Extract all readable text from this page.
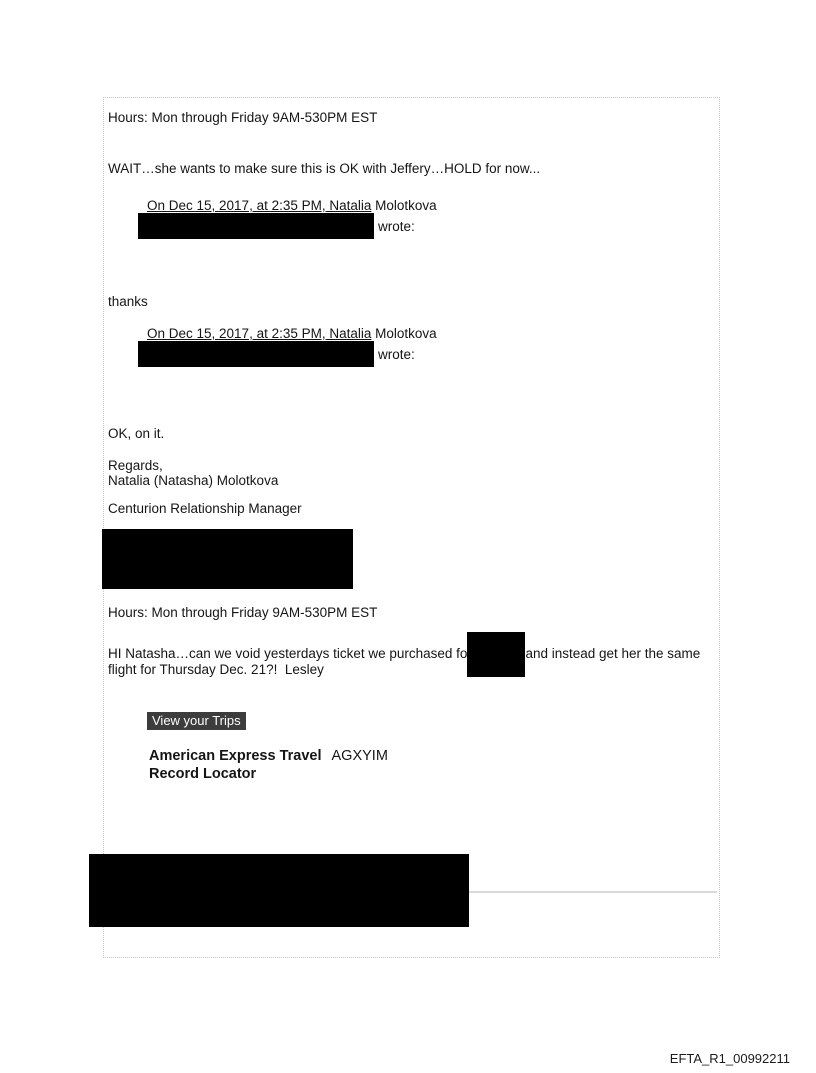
Hours: Mon through Friday 9AM-530PM EST
WAIT…she wants to make sure this is OK with Jeffery…HOLD for now...
On Dec 15, 2017, at 2:35 PM, Natalia Molotkova
wrote:
thanks
On Dec 15, 2017, at 2:35 PM, Natalia Molotkova
wrote:
OK, on it.
Regards,
Natalia (Natasha) Molotkova
Centurion Relationship Manager
Hours: Mon through Friday 9AM-530PM EST
HI Natasha…can we void yesterdays ticket we purchased fo	and instead get her the same
flight for Thursday Dec. 21?!  Lesley
View your Trips
American Express Travel AGXYIM
Record Locator
EFTA_R1_00992211
